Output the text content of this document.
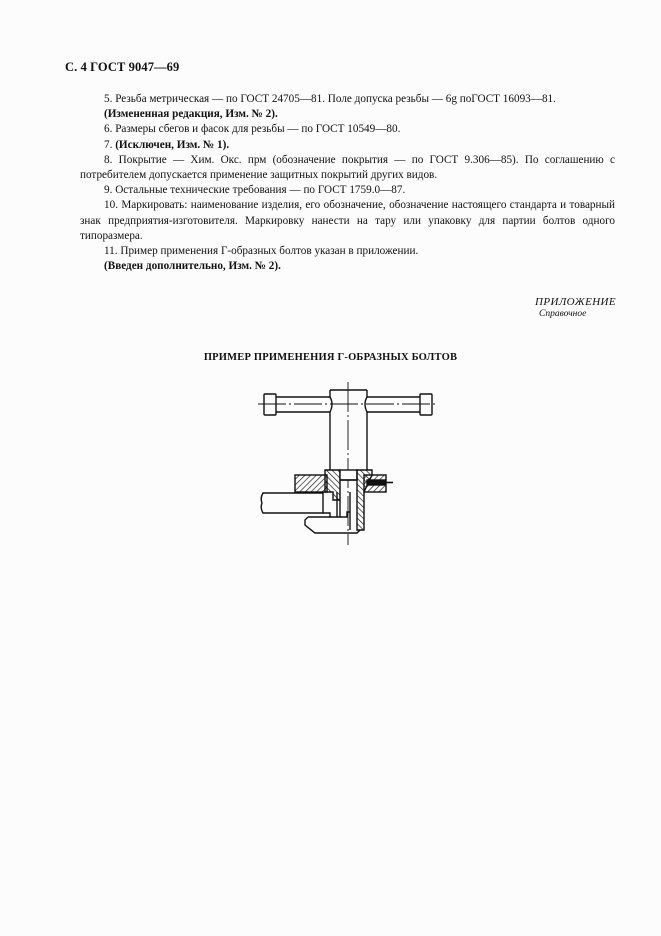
С. 4 ГОСТ 9047—69

5. Резьба метрическая — по ГОСТ 24705—81. Поле допуска резьбы — 6g поГОСТ 16093—81.

(Измененная редакция, Изм. № 2).

6. Размеры сбегов и фасок для резьбы — по ГОСТ 10549—80.

7. (Исключен, Изм. № 1).

8. Покрытие — Хим. Окс. прм (обозначение покрытия — по ГОСТ 9.306—85). По соглашению с потребителем допускается применение защитных покрытий других видов.

9. Остальные технические требования — по ГОСТ 1759.0—87.

10. Маркировать: наименование изделия, его обозначение, обозначение настоящего стандарта и товарный знак предприятия-изготовителя. Маркировку нанести на тару или упаковку для партии болтов одного типоразмера.

11. Пример применения Г-образных болтов указан в приложении.

(Введен дополнительно, Изм. № 2).

ПРИЛОЖЕНИЕ
Справочное
ПРИМЕР ПРИМЕНЕНИЯ Г-ОБРАЗНЫХ БОЛТОВ
